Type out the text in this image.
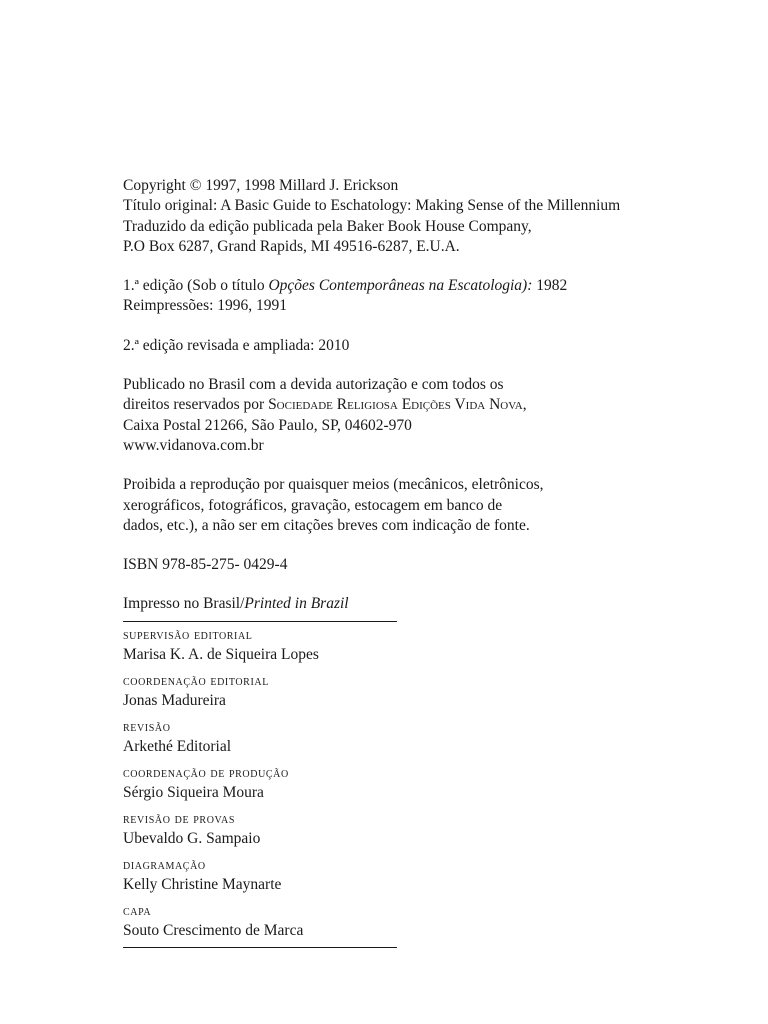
Copyright © 1997, 1998 Millard J. Erickson
Título original: A Basic Guide to Eschatology: Making Sense of the Millennium
Traduzido da edição publicada pela Baker Book House Company,
P.O Box 6287, Grand Rapids, MI 49516-6287, E.U.A.
1.ª edição (Sob o título Opções Contemporâneas na Escatologia): 1982
Reimpressões: 1996, 1991
2.ª edição revisada e ampliada: 2010
Publicado no Brasil com a devida autorização e com todos os
direitos reservados por Sociedade Religiosa Edições Vida Nova,
Caixa Postal 21266, São Paulo, SP, 04602-970
www.vidanova.com.br
Proibida a reprodução por quaisquer meios (mecânicos, eletrônicos,
xerográficos, fotográficos, gravação, estocagem em banco de
dados, etc.), a não ser em citações breves com indicação de fonte.
ISBN 978-85-275- 0429-4
Impresso no Brasil/Printed in Brazil
supervisão editorial
Marisa K. A. de Siqueira Lopes
coordenação editorial
Jonas Madureira
revisão
Arkethé Editorial
coordenação de produção
Sérgio Siqueira Moura
revisão de provas
Ubevaldo G. Sampaio
diagramação
Kelly Christine Maynarte
capa
Souto Crescimento de Marca
